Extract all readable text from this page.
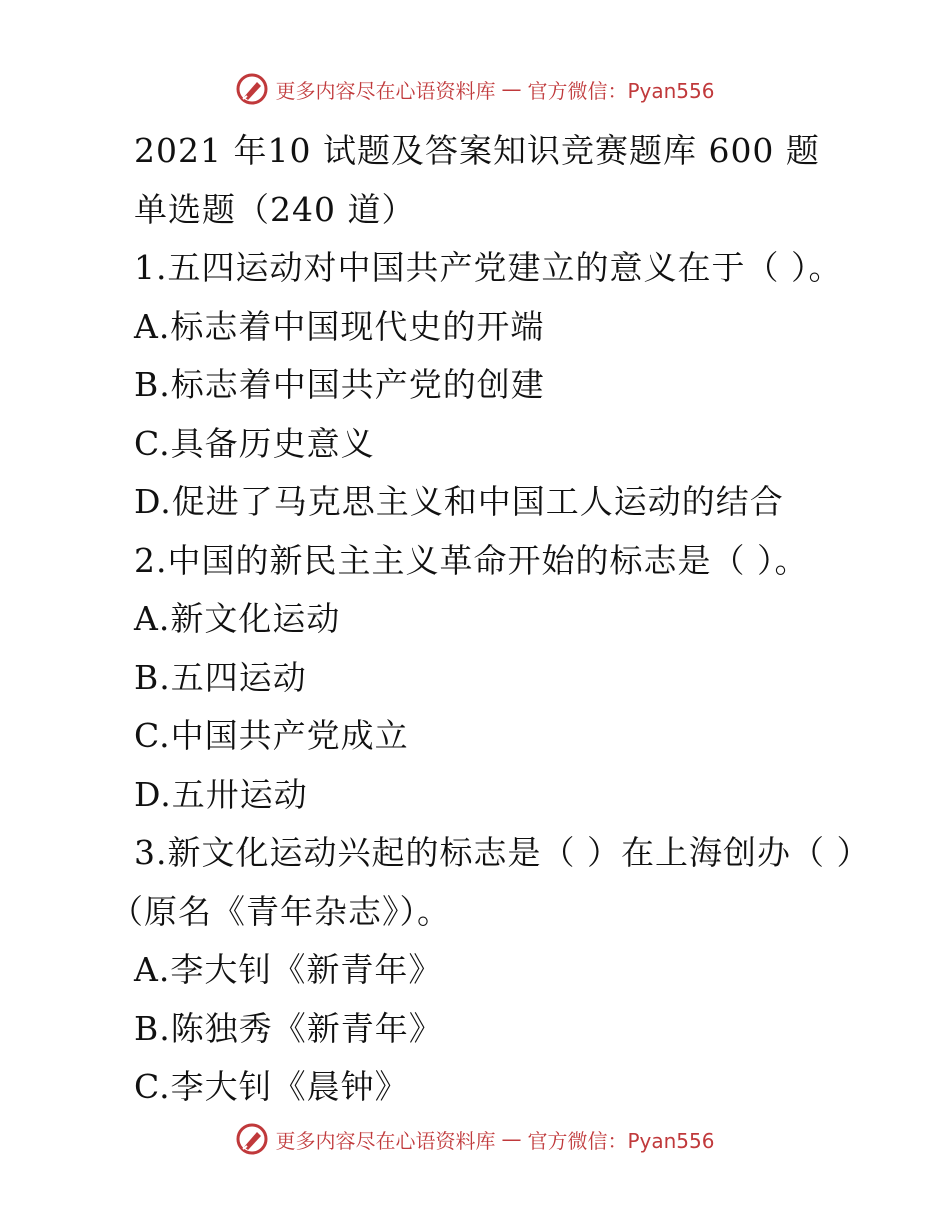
更多内容尽在心语资料库 — 官方微信：Pyan556
2021 年10 试题及答案知识竞赛题库 600 题
单选题（240 道）
1.五四运动对中国共产党建立的意义在于（ ）。
A.标志着中国现代史的开端
B.标志着中国共产党的创建
C.具备历史意义
D.促进了马克思主义和中国工人运动的结合
2.中国的新民主主义革命开始的标志是（ ）。
A.新文化运动
B.五四运动
C.中国共产党成立
D.五卅运动
3.新文化运动兴起的标志是（ ）在上海创办（ ）
（原名《青年杂志》）。
A.李大钊《新青年》
B.陈独秀《新青年》
C.李大钊《晨钟》
更多内容尽在心语资料库 — 官方微信：Pyan556
